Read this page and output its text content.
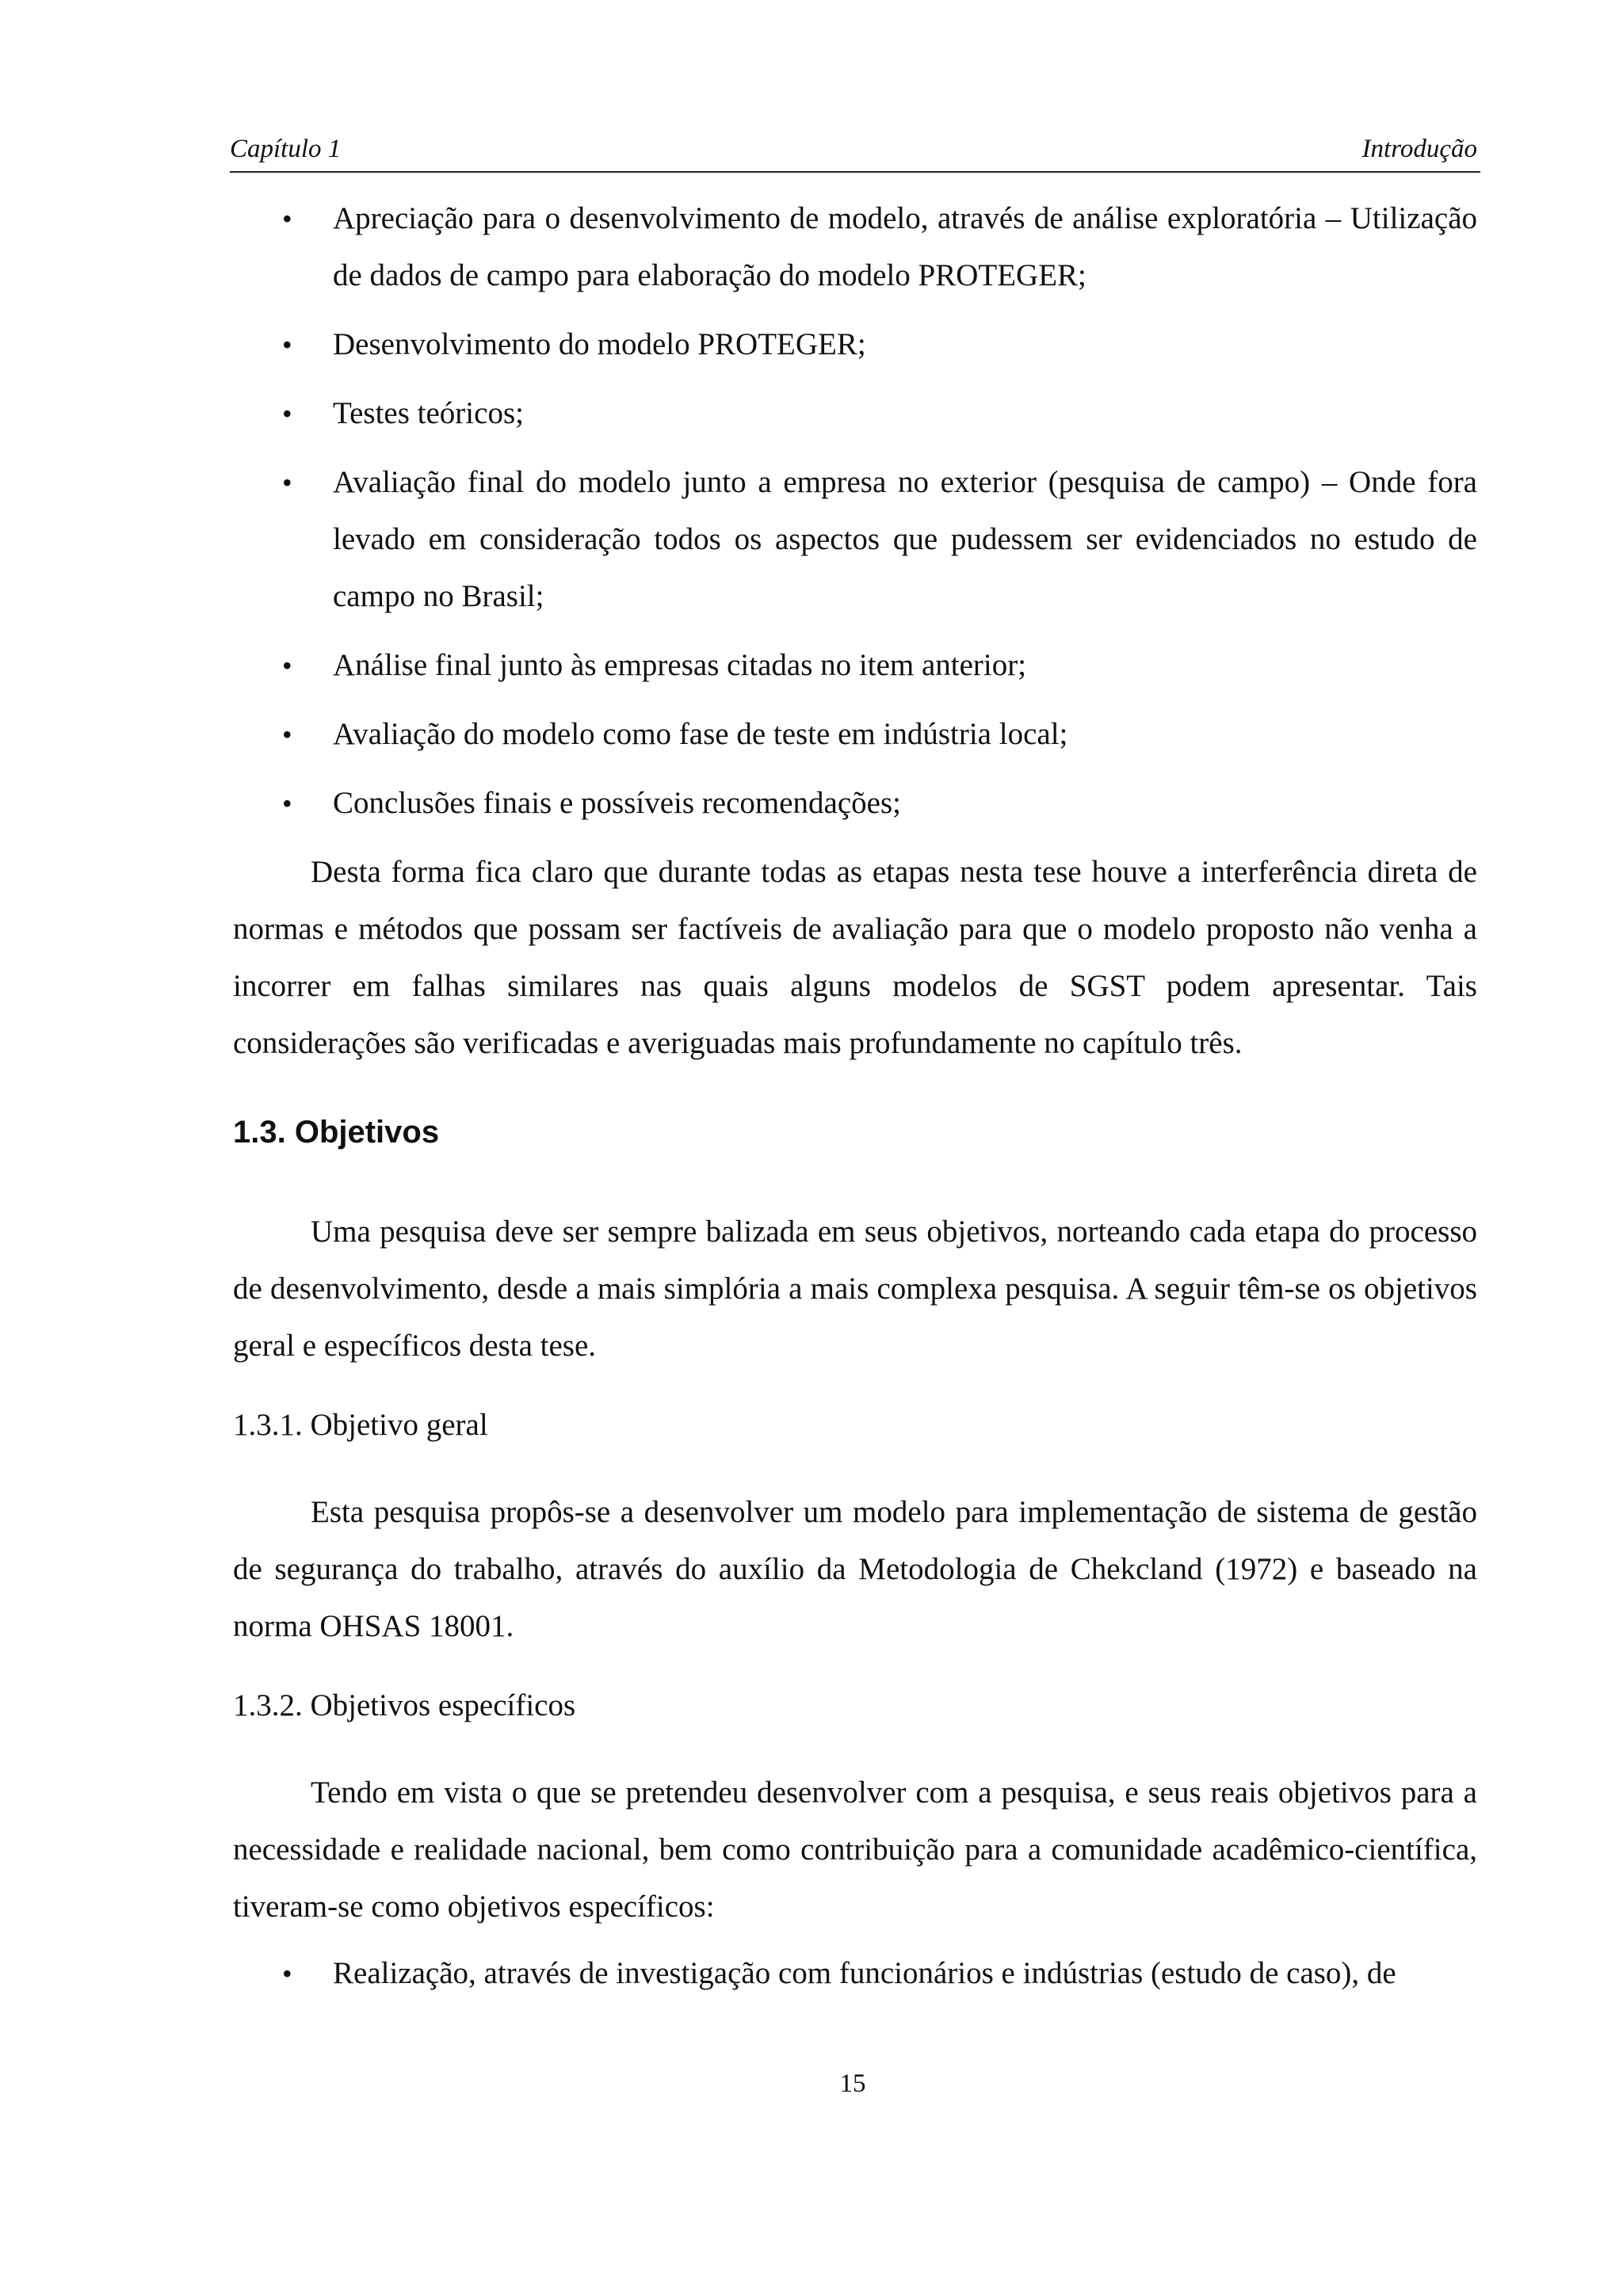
Capítulo 1	Introdução
• Apreciação para o desenvolvimento de modelo, através de análise exploratória – Utilização de dados de campo para elaboração do modelo PROTEGER;
• Desenvolvimento do modelo PROTEGER;
• Testes teóricos;
• Avaliação final do modelo junto a empresa no exterior (pesquisa de campo) – Onde fora levado em consideração todos os aspectos que pudessem ser evidenciados no estudo de campo no Brasil;
• Análise final junto às empresas citadas no item anterior;
• Avaliação do modelo como fase de teste em indústria local;
• Conclusões finais e possíveis recomendações;

Desta forma fica claro que durante todas as etapas nesta tese houve a interferência direta de normas e métodos que possam ser factíveis de avaliação para que o modelo proposto não venha a incorrer em falhas similares nas quais alguns modelos de SGST podem apresentar. Tais considerações são verificadas e averiguadas mais profundamente no capítulo três.

1.3. Objetivos

Uma pesquisa deve ser sempre balizada em seus objetivos, norteando cada etapa do processo de desenvolvimento, desde a mais simplória a mais complexa pesquisa. A seguir têm-se os objetivos geral e específicos desta tese.

1.3.1. Objetivo geral

Esta pesquisa propôs-se a desenvolver um modelo para implementação de sistema de gestão de segurança do trabalho, através do auxílio da Metodologia de Chekcland (1972) e baseado na norma OHSAS 18001.

1.3.2. Objetivos específicos

Tendo em vista o que se pretendeu desenvolver com a pesquisa, e seus reais objetivos para a necessidade e realidade nacional, bem como contribuição para a comunidade acadêmico-científica, tiveram-se como objetivos específicos:

• Realização, através de investigação com funcionários e indústrias (estudo de caso), de
15
